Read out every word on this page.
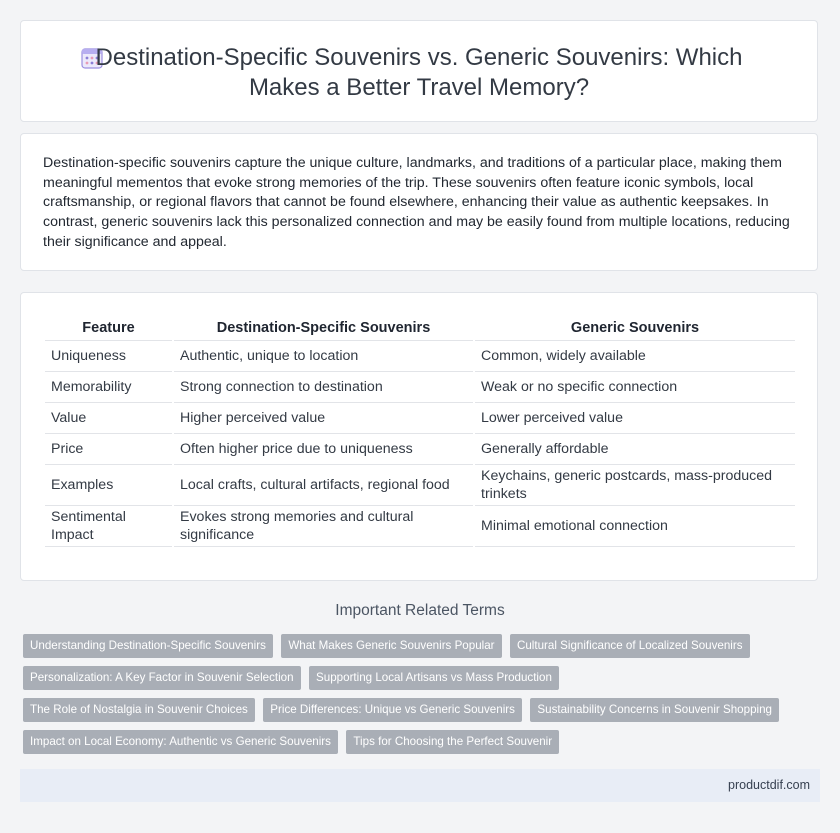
Destination-Specific Souvenirs vs. Generic Souvenirs: Which
Makes a Better Travel Memory?
Destination-specific souvenirs capture the unique culture, landmarks, and traditions of a particular place, making them meaningful mementos that evoke strong memories of the trip. These souvenirs often feature iconic symbols, local craftsmanship, or regional flavors that cannot be found elsewhere, enhancing their value as authentic keepsakes. In contrast, generic souvenirs lack this personalized connection and may be easily found from multiple locations, reducing their significance and appeal.
Feature	Destination-Specific Souvenirs	Generic Souvenirs
Uniqueness	Authentic, unique to location	Common, widely available
Memorability	Strong connection to destination	Weak or no specific connection
Value	Higher perceived value	Lower perceived value
Price	Often higher price due to uniqueness	Generally affordable
Examples	Local crafts, cultural artifacts, regional food	Keychains, generic postcards, mass-produced trinkets
Sentimental Impact	Evokes strong memories and cultural significance	Minimal emotional connection
Important Related Terms
Understanding Destination-Specific Souvenirs What Makes Generic Souvenirs Popular Cultural Significance of Localized Souvenirs
Personalization: A Key Factor in Souvenir Selection Supporting Local Artisans vs Mass Production
The Role of Nostalgia in Souvenir Choices Price Differences: Unique vs Generic Souvenirs Sustainability Concerns in Souvenir Shopping
Impact on Local Economy: Authentic vs Generic Souvenirs Tips for Choosing the Perfect Souvenir
productdif.com
